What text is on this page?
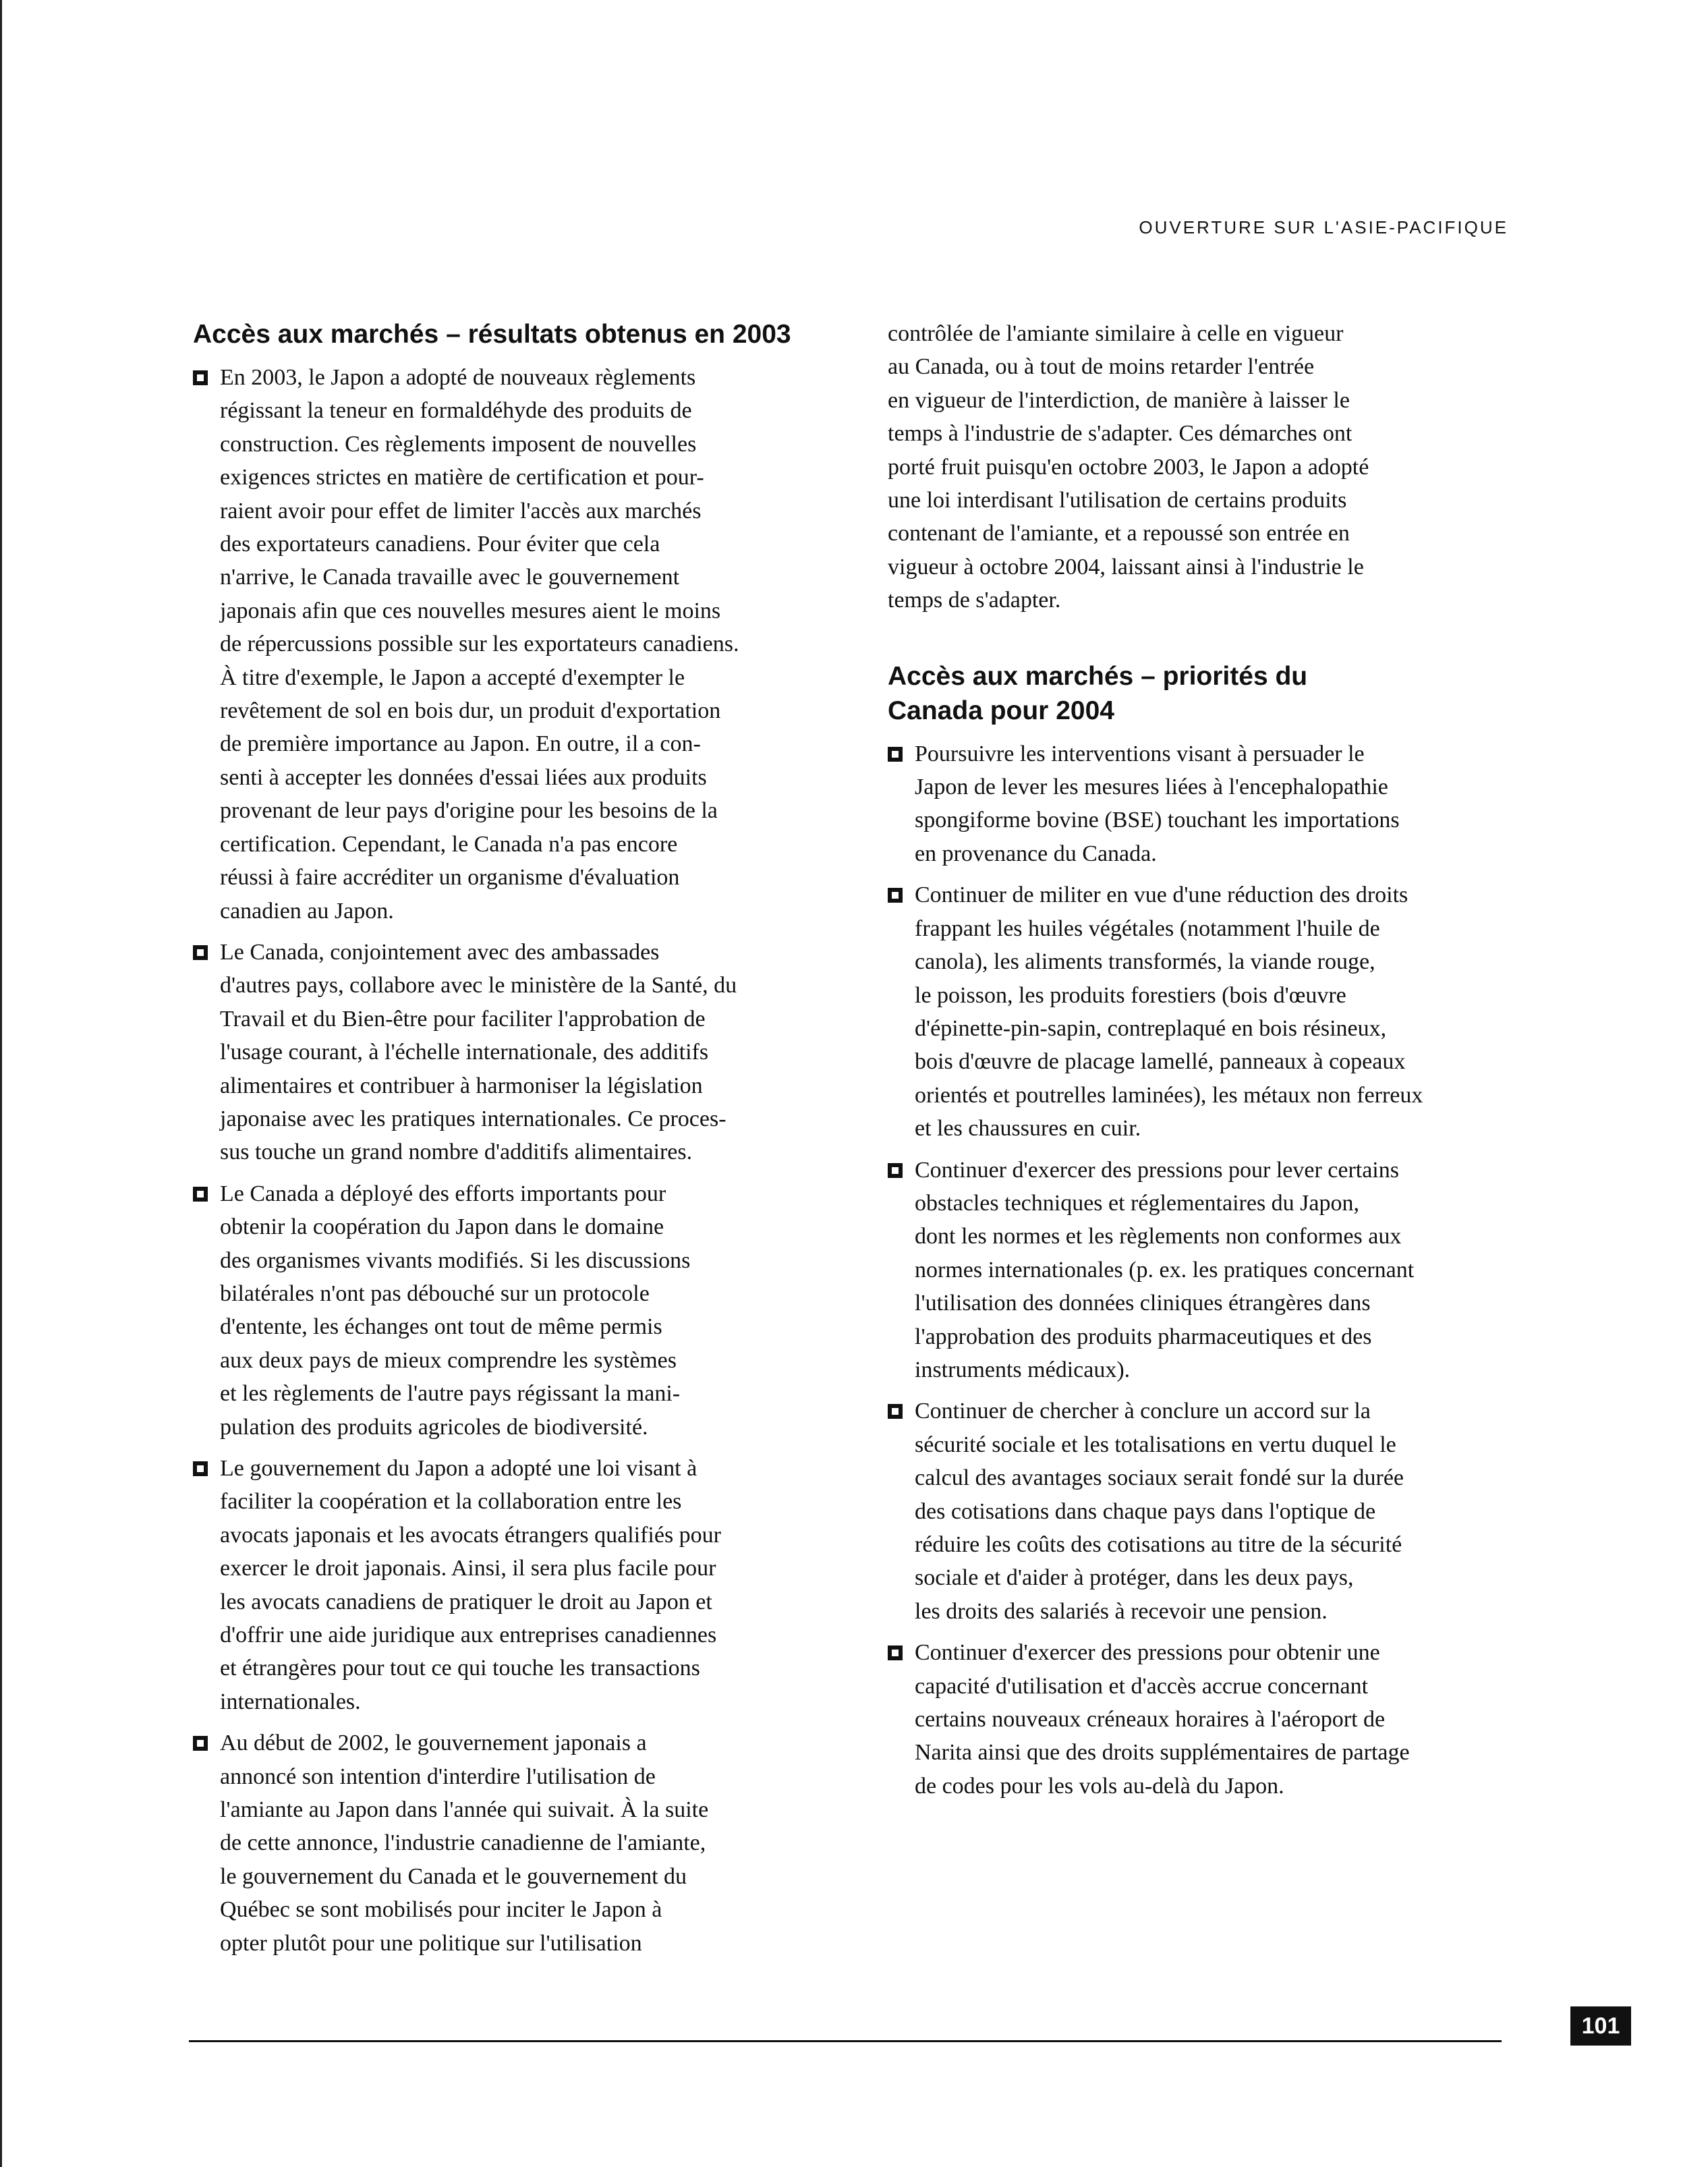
OUVERTURE SUR L'ASIE-PACIFIQUE
Accès aux marchés – résultats obtenus en 2003

En 2003, le Japon a adopté de nouveaux règlements
régissant la teneur en formaldéhyde des produits de
construction. Ces règlements imposent de nouvelles
exigences strictes en matière de certification et pour-
raient avoir pour effet de limiter l'accès aux marchés
des exportateurs canadiens. Pour éviter que cela
n'arrive, le Canada travaille avec le gouvernement
japonais afin que ces nouvelles mesures aient le moins
de répercussions possible sur les exportateurs canadiens.
À titre d'exemple, le Japon a accepté d'exempter le
revêtement de sol en bois dur, un produit d'exportation
de première importance au Japon. En outre, il a con-
senti à accepter les données d'essai liées aux produits
provenant de leur pays d'origine pour les besoins de la
certification. Cependant, le Canada n'a pas encore
réussi à faire accréditer un organisme d'évaluation
canadien au Japon.

Le Canada, conjointement avec des ambassades
d'autres pays, collabore avec le ministère de la Santé, du
Travail et du Bien-être pour faciliter l'approbation de
l'usage courant, à l'échelle internationale, des additifs
alimentaires et contribuer à harmoniser la législation
japonaise avec les pratiques internationales. Ce proces-
sus touche un grand nombre d'additifs alimentaires.

Le Canada a déployé des efforts importants pour
obtenir la coopération du Japon dans le domaine
des organismes vivants modifiés. Si les discussions
bilatérales n'ont pas débouché sur un protocole
d'entente, les échanges ont tout de même permis
aux deux pays de mieux comprendre les systèmes
et les règlements de l'autre pays régissant la mani-
pulation des produits agricoles de biodiversité.

Le gouvernement du Japon a adopté une loi visant à
faciliter la coopération et la collaboration entre les
avocats japonais et les avocats étrangers qualifiés pour
exercer le droit japonais. Ainsi, il sera plus facile pour
les avocats canadiens de pratiquer le droit au Japon et
d'offrir une aide juridique aux entreprises canadiennes
et étrangères pour tout ce qui touche les transactions
internationales.

Au début de 2002, le gouvernement japonais a
annoncé son intention d'interdire l'utilisation de
l'amiante au Japon dans l'année qui suivait. À la suite
de cette annonce, l'industrie canadienne de l'amiante,
le gouvernement du Canada et le gouvernement du
Québec se sont mobilisés pour inciter le Japon à
opter plutôt pour une politique sur l'utilisation

contrôlée de l'amiante similaire à celle en vigueur
au Canada, ou à tout de moins retarder l'entrée
en vigueur de l'interdiction, de manière à laisser le
temps à l'industrie de s'adapter. Ces démarches ont
porté fruit puisqu'en octobre 2003, le Japon a adopté
une loi interdisant l'utilisation de certains produits
contenant de l'amiante, et a repoussé son entrée en
vigueur à octobre 2004, laissant ainsi à l'industrie le
temps de s'adapter.

Accès aux marchés – priorités du
Canada pour 2004

Poursuivre les interventions visant à persuader le
Japon de lever les mesures liées à l'encephalopathie
spongiforme bovine (BSE) touchant les importations
en provenance du Canada.

Continuer de militer en vue d'une réduction des droits
frappant les huiles végétales (notamment l'huile de
canola), les aliments transformés, la viande rouge,
le poisson, les produits forestiers (bois d'œuvre
d'épinette-pin-sapin, contreplaqué en bois résineux,
bois d'œuvre de placage lamellé, panneaux à copeaux
orientés et poutrelles laminées), les métaux non ferreux
et les chaussures en cuir.

Continuer d'exercer des pressions pour lever certains
obstacles techniques et réglementaires du Japon,
dont les normes et les règlements non conformes aux
normes internationales (p. ex. les pratiques concernant
l'utilisation des données cliniques étrangères dans
l'approbation des produits pharmaceutiques et des
instruments médicaux).

Continuer de chercher à conclure un accord sur la
sécurité sociale et les totalisations en vertu duquel le
calcul des avantages sociaux serait fondé sur la durée
des cotisations dans chaque pays dans l'optique de
réduire les coûts des cotisations au titre de la sécurité
sociale et d'aider à protéger, dans les deux pays,
les droits des salariés à recevoir une pension.

Continuer d'exercer des pressions pour obtenir une
capacité d'utilisation et d'accès accrue concernant
certains nouveaux créneaux horaires à l'aéroport de
Narita ainsi que des droits supplémentaires de partage
de codes pour les vols au-delà du Japon.

101
